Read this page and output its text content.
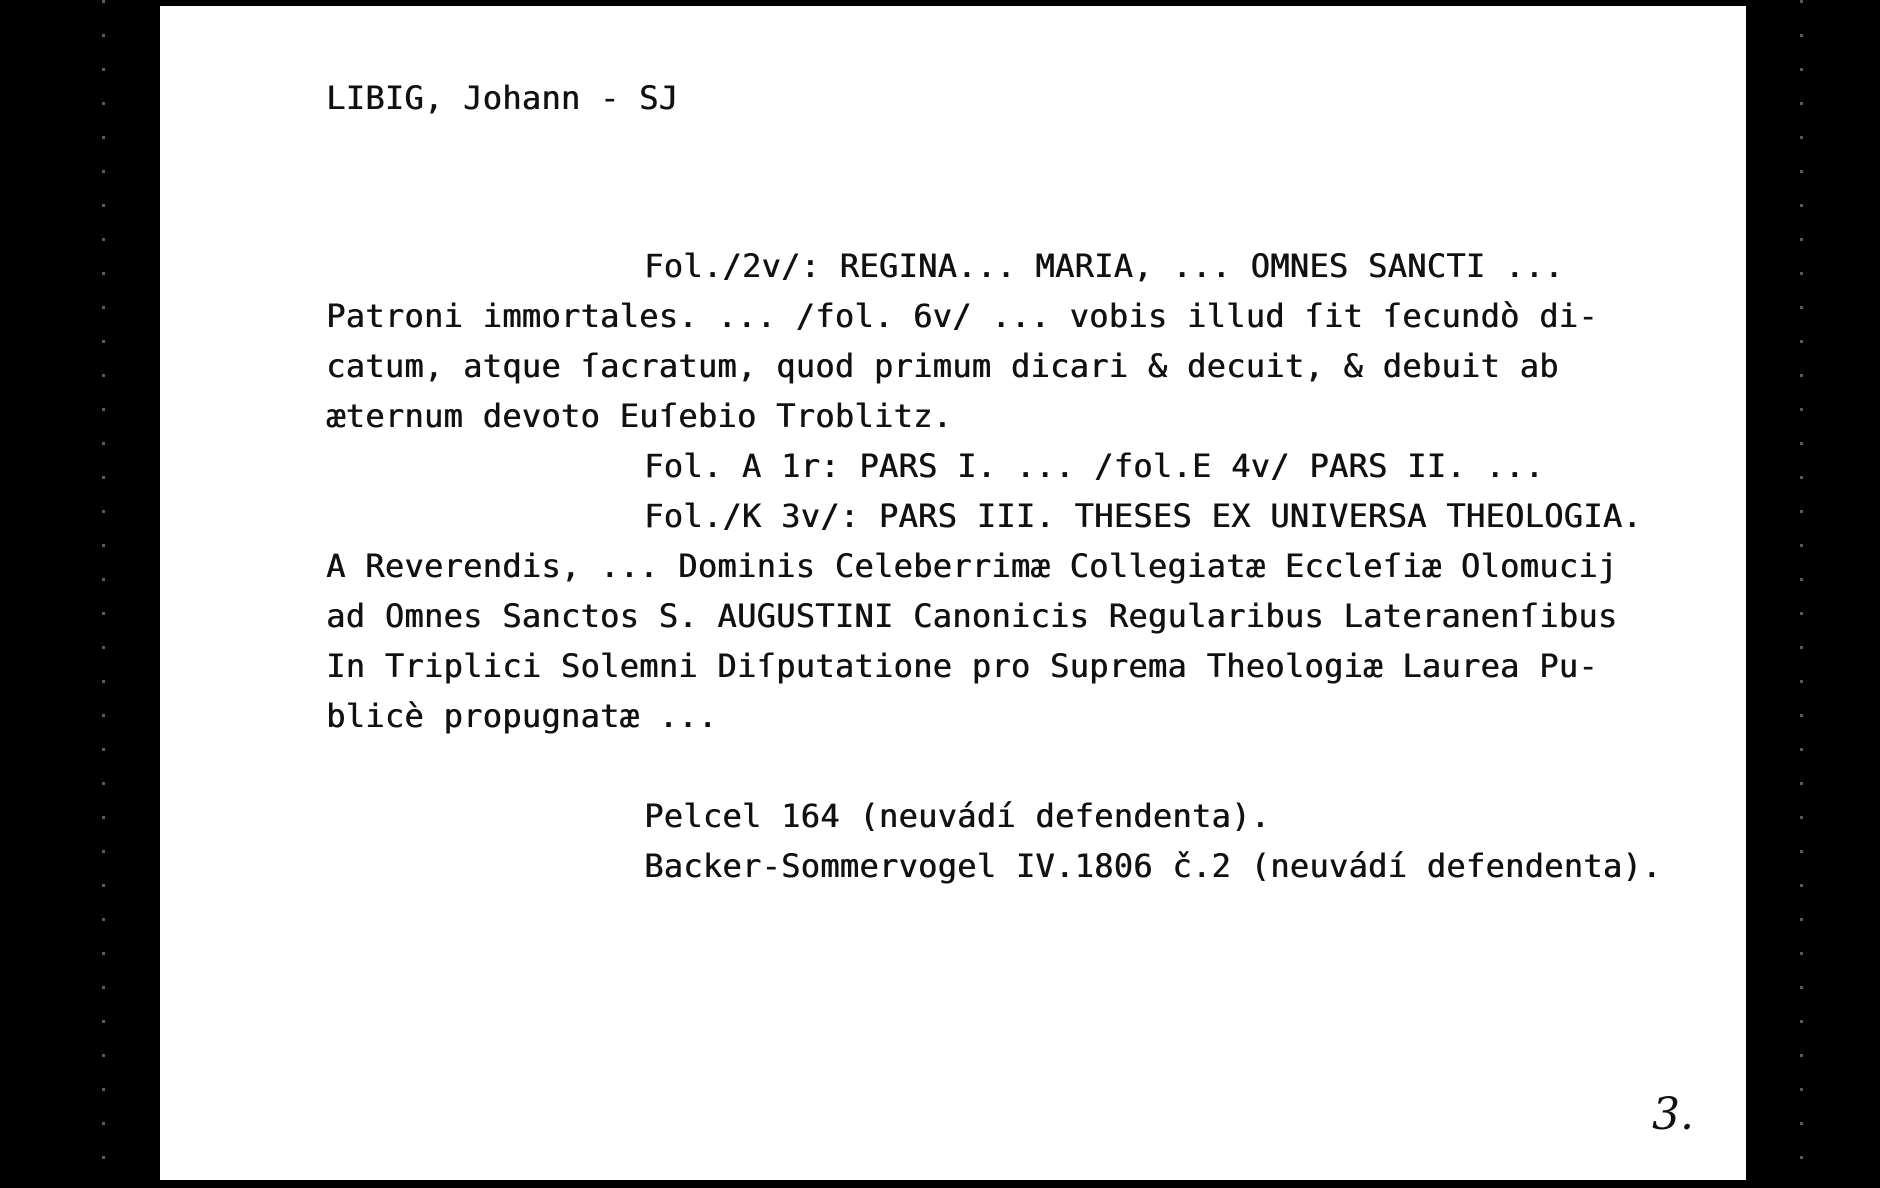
LIBIG, Johann - SJ
Fol./2v/: REGINA... MARIA, ... OMNES SANCTI ...
Patroni immortales. ... /fol. 6v/ ... vobis illud ſit ſecundò di-
catum, atque ſacratum, quod primum dicari & decuit, & debuit ab
æternum devoto Euſebio Troblitz.
Fol. A 1r: PARS I. ... /fol.E 4v/ PARS II. ...
Fol./K 3v/: PARS III. THESES EX UNIVERSA THEOLOGIA.
A Reverendis, ... Dominis Celeberrimæ Collegiatæ Eccleſiæ Olomucij
ad Omnes Sanctos S. AUGUSTINI Canonicis Regularibus Lateranenſibus
In Triplici Solemni Diſputatione pro Suprema Theologiæ Laurea Pu-
blicè propugnatæ ...
Pelcel 164 (neuvádí defendenta).
Backer-Sommervogel IV.1806 č.2 (neuvádí defendenta).
3.
